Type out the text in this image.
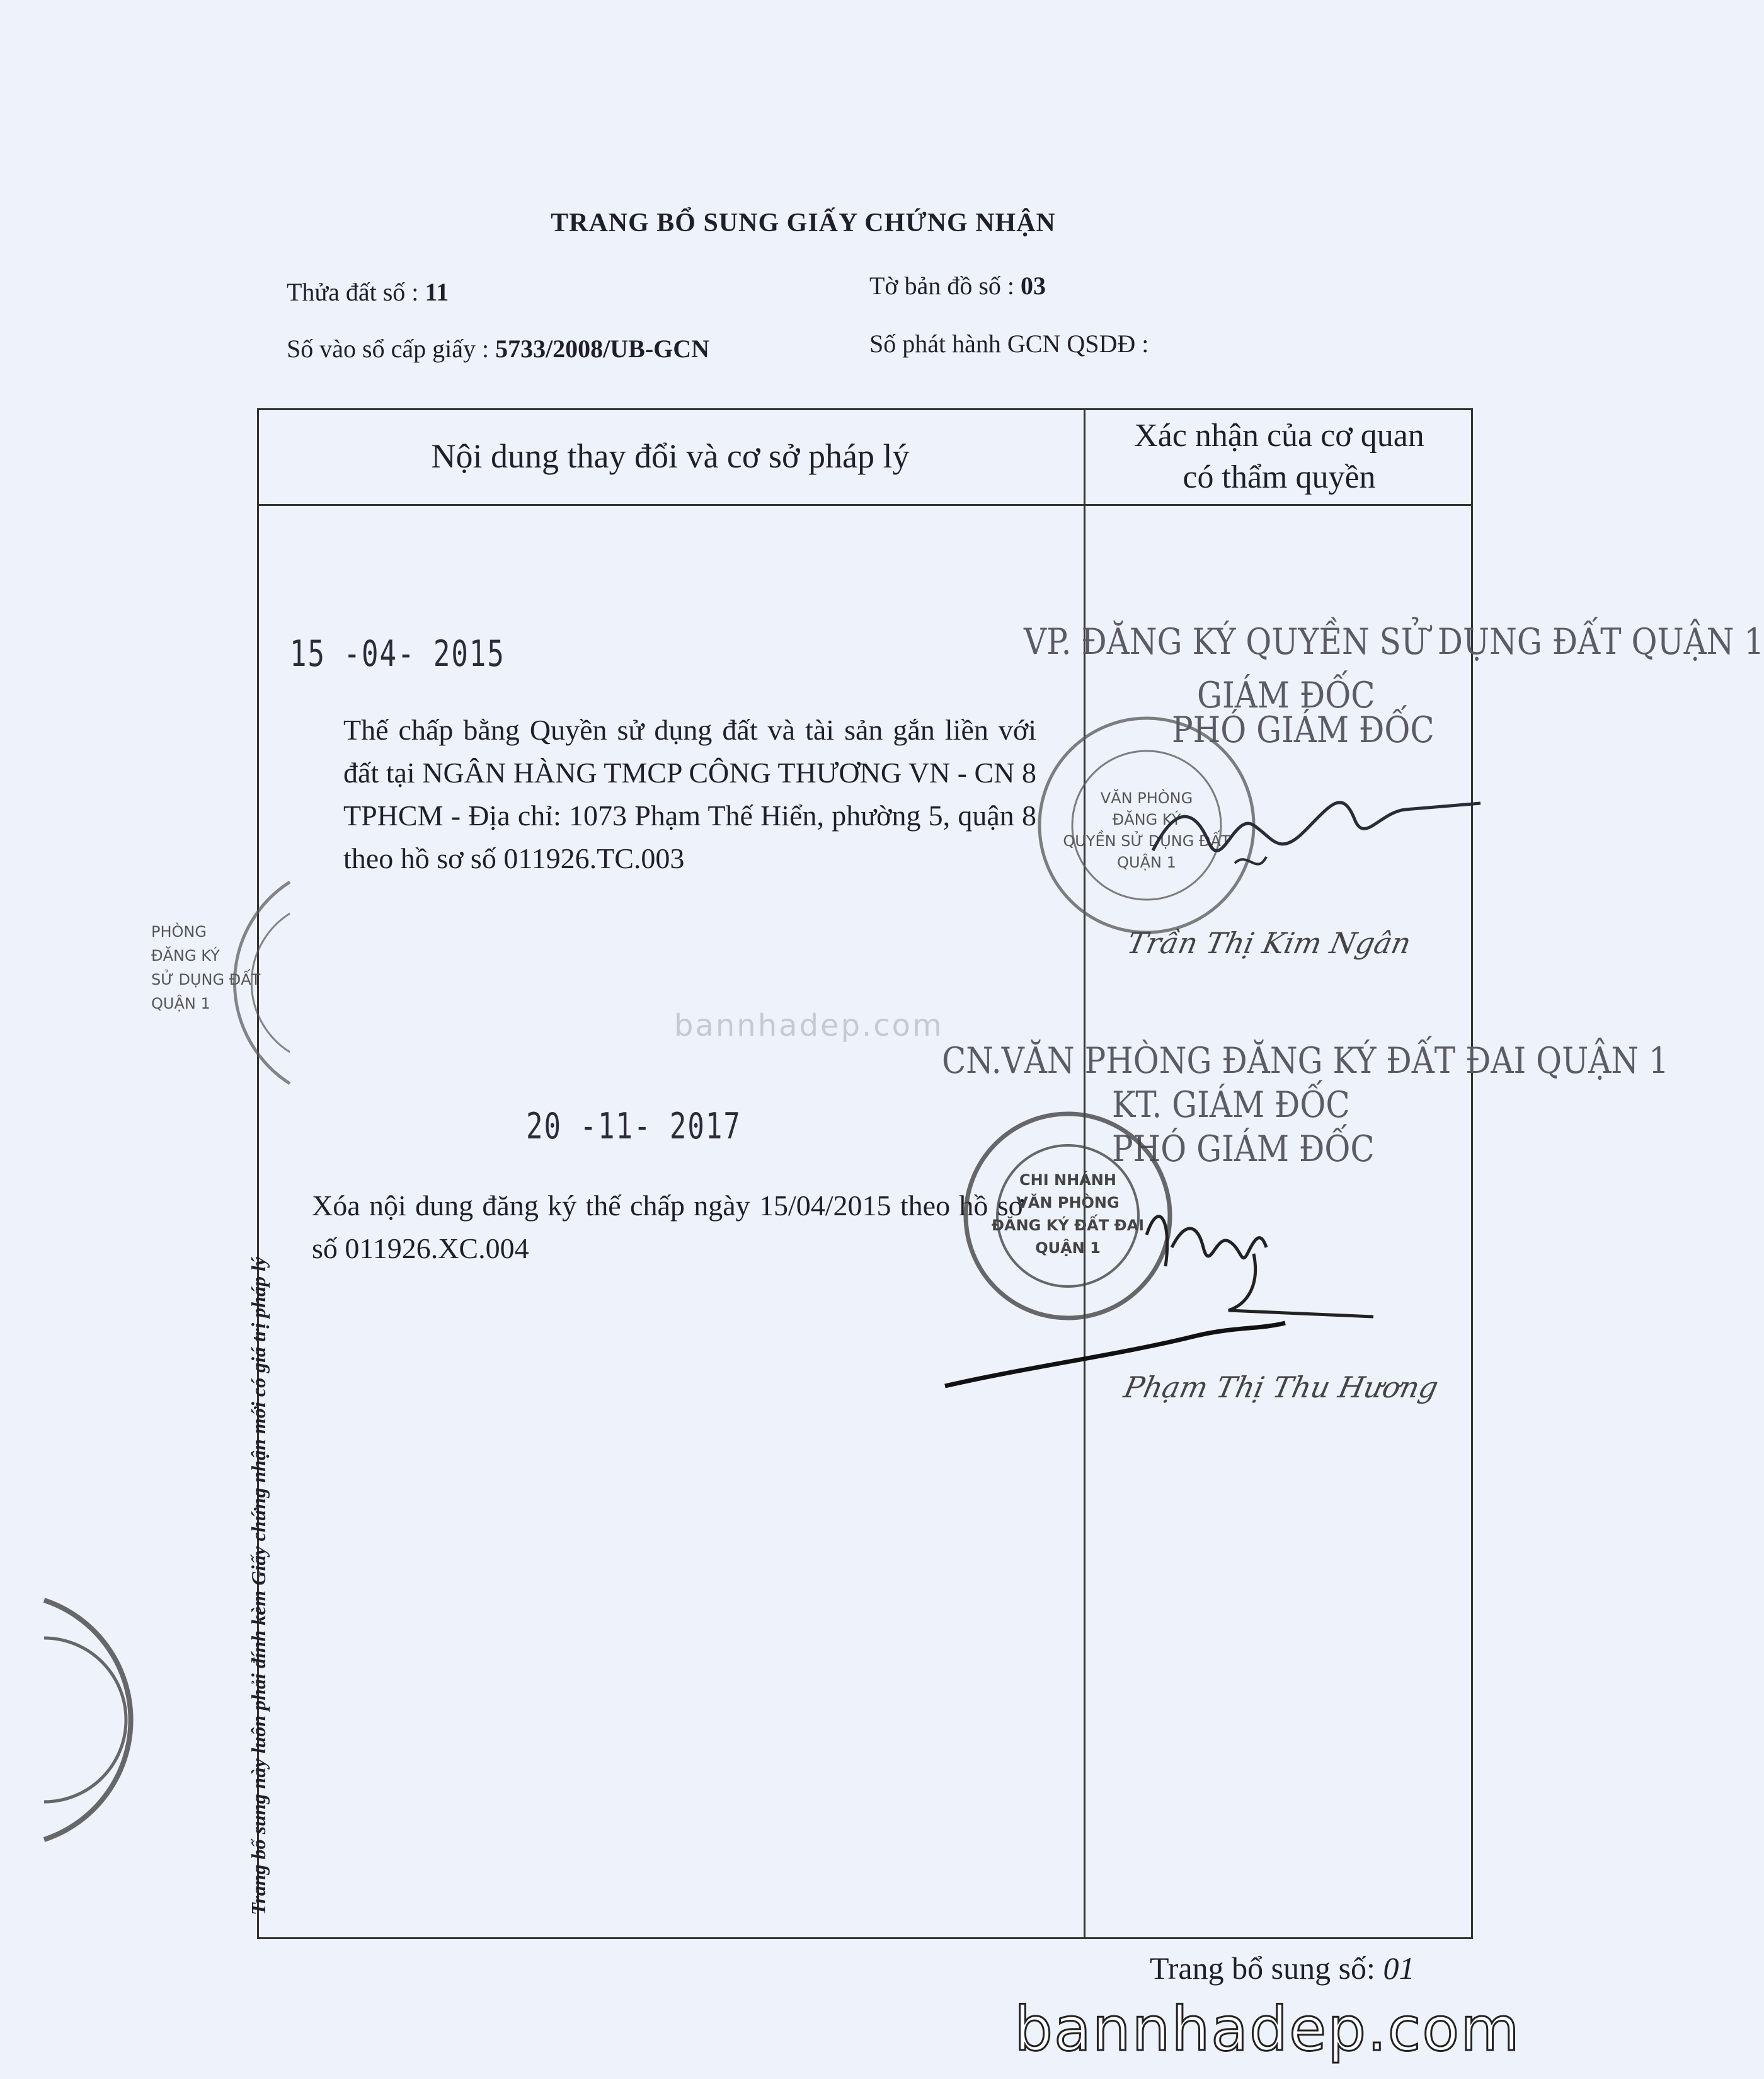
TRANG BỔ SUNG GIẤY CHỨNG NHẬN
Thửa đất số : 11	Tờ bản đồ số : 03
Số vào sổ cấp giấy : 5733/2008/UB-GCN	Số phát hành GCN QSDĐ :
Nội dung thay đổi và cơ sở pháp lý
Xác nhận của cơ quan
có thẩm quyền
15 -04- 2015
Thế chấp bằng Quyền sử dụng đất và tài sản gắn liền với đất tại NGÂN HÀNG TMCP CÔNG THƯƠNG VN - CN 8 TPHCM - Địa chỉ: 1073 Phạm Thế Hiển, phường 5, quận 8 theo hồ sơ số 011926.TC.003
VĂN PHÒNG
ĐĂNG KÝ
QUYỀN SỬ DỤNG ĐẤT
QUẬN 1
VP. ĐĂNG KÝ QUYỀN SỬ DỤNG ĐẤT QUẬN 1
GIÁM ĐỐC
PHÓ GIÁM ĐỐC
Trần Thị Kim Ngân
bannhadep.com
20 -11- 2017
Xóa nội dung đăng ký thế chấp ngày 15/04/2015 theo hồ sơ số 011926.XC.004
CN.VĂN PHÒNG ĐĂNG KÝ ĐẤT ĐAI QUẬN 1
KT. GIÁM ĐỐC
PHÓ GIÁM ĐỐC
CHI NHÁNH
VĂN PHÒNG
ĐĂNG KÝ ĐẤT ĐAI
QUẬN 1
Phạm Thị Thu Hương
PHÒNG
ĐĂNG KÝ
SỬ DỤNG ĐẤT
QUẬN 1
Trang bổ sung này luôn phải đính kèm Giấy chứng nhận mới có giá trị pháp lý
Trang bổ sung số: 01
bannhadep.com
